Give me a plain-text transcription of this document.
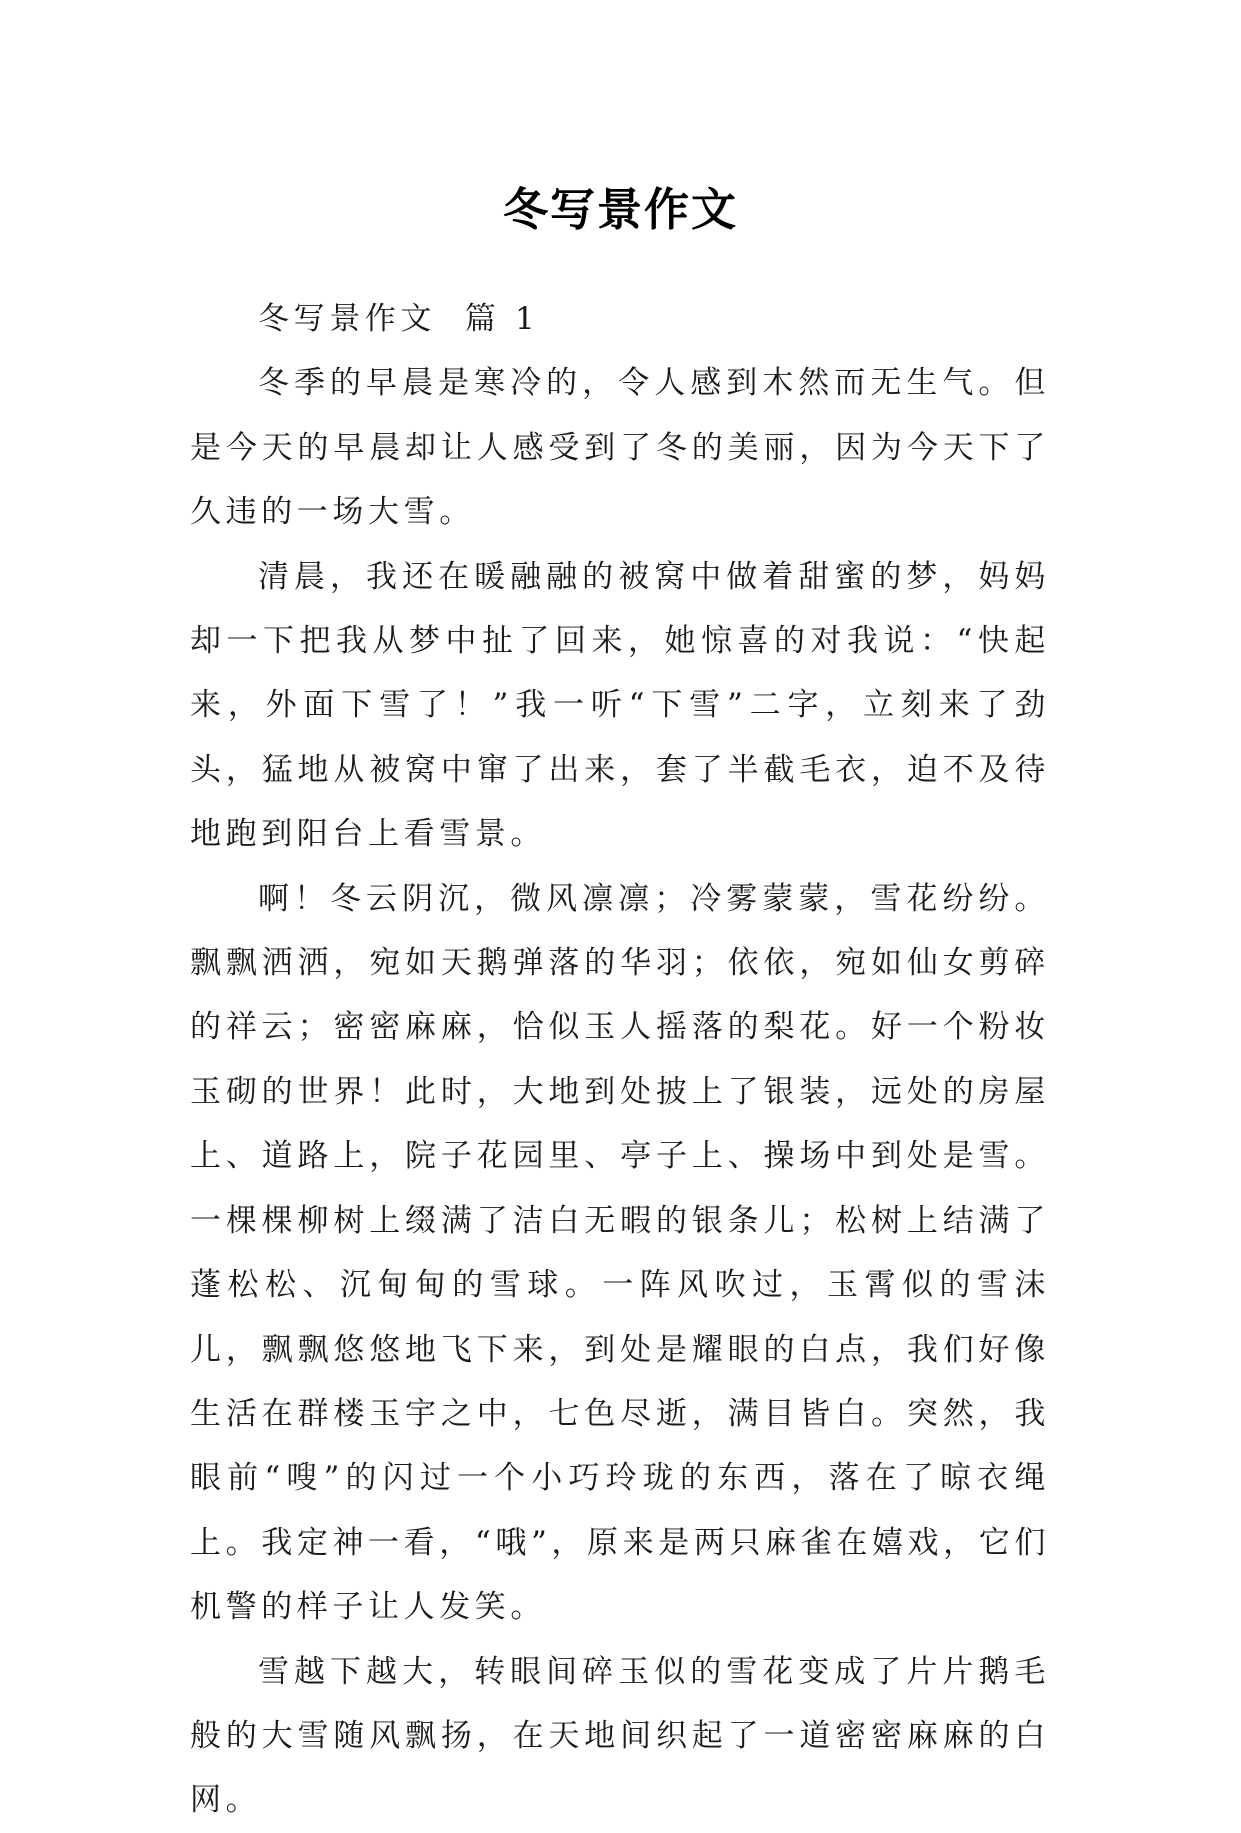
冬写景作文

冬写景作文  篇 1

冬季的早晨是寒冷的，令人感到木然而无生气。但是今天的早晨却让人感受到了冬的美丽，因为今天下了久违的一场大雪。

清晨，我还在暖融融的被窝中做着甜蜜的梦，妈妈却一下把我从梦中扯了回来，她惊喜的对我说：“快起来，外面下雪了！”我一听“下雪”二字，立刻来了劲头，猛地从被窝中窜了出来，套了半截毛衣，迫不及待地跑到阳台上看雪景。

啊！冬云阴沉，微风凛凛；冷雾蒙蒙，雪花纷纷。飘飘洒洒，宛如天鹅弹落的华羽；依依，宛如仙女剪碎的祥云；密密麻麻，恰似玉人摇落的梨花。好一个粉妆玉砌的世界！此时，大地到处披上了银装，远处的房屋上、道路上，院子花园里、亭子上、操场中到处是雪。一棵棵柳树上缀满了洁白无暇的银条儿；松树上结满了蓬松松、沉甸甸的雪球。一阵风吹过，玉霄似的雪沫儿，飘飘悠悠地飞下来，到处是耀眼的白点，我们好像生活在群楼玉宇之中，七色尽逝，满目皆白。突然，我眼前“嗖”的闪过一个小巧玲珑的东西，落在了晾衣绳上。我定神一看，“哦”，原来是两只麻雀在嬉戏，它们机警的样子让人发笑。

雪越下越大，转眼间碎玉似的雪花变成了片片鹅毛般的大雪随风飘扬，在天地间织起了一道密密麻麻的白网。
